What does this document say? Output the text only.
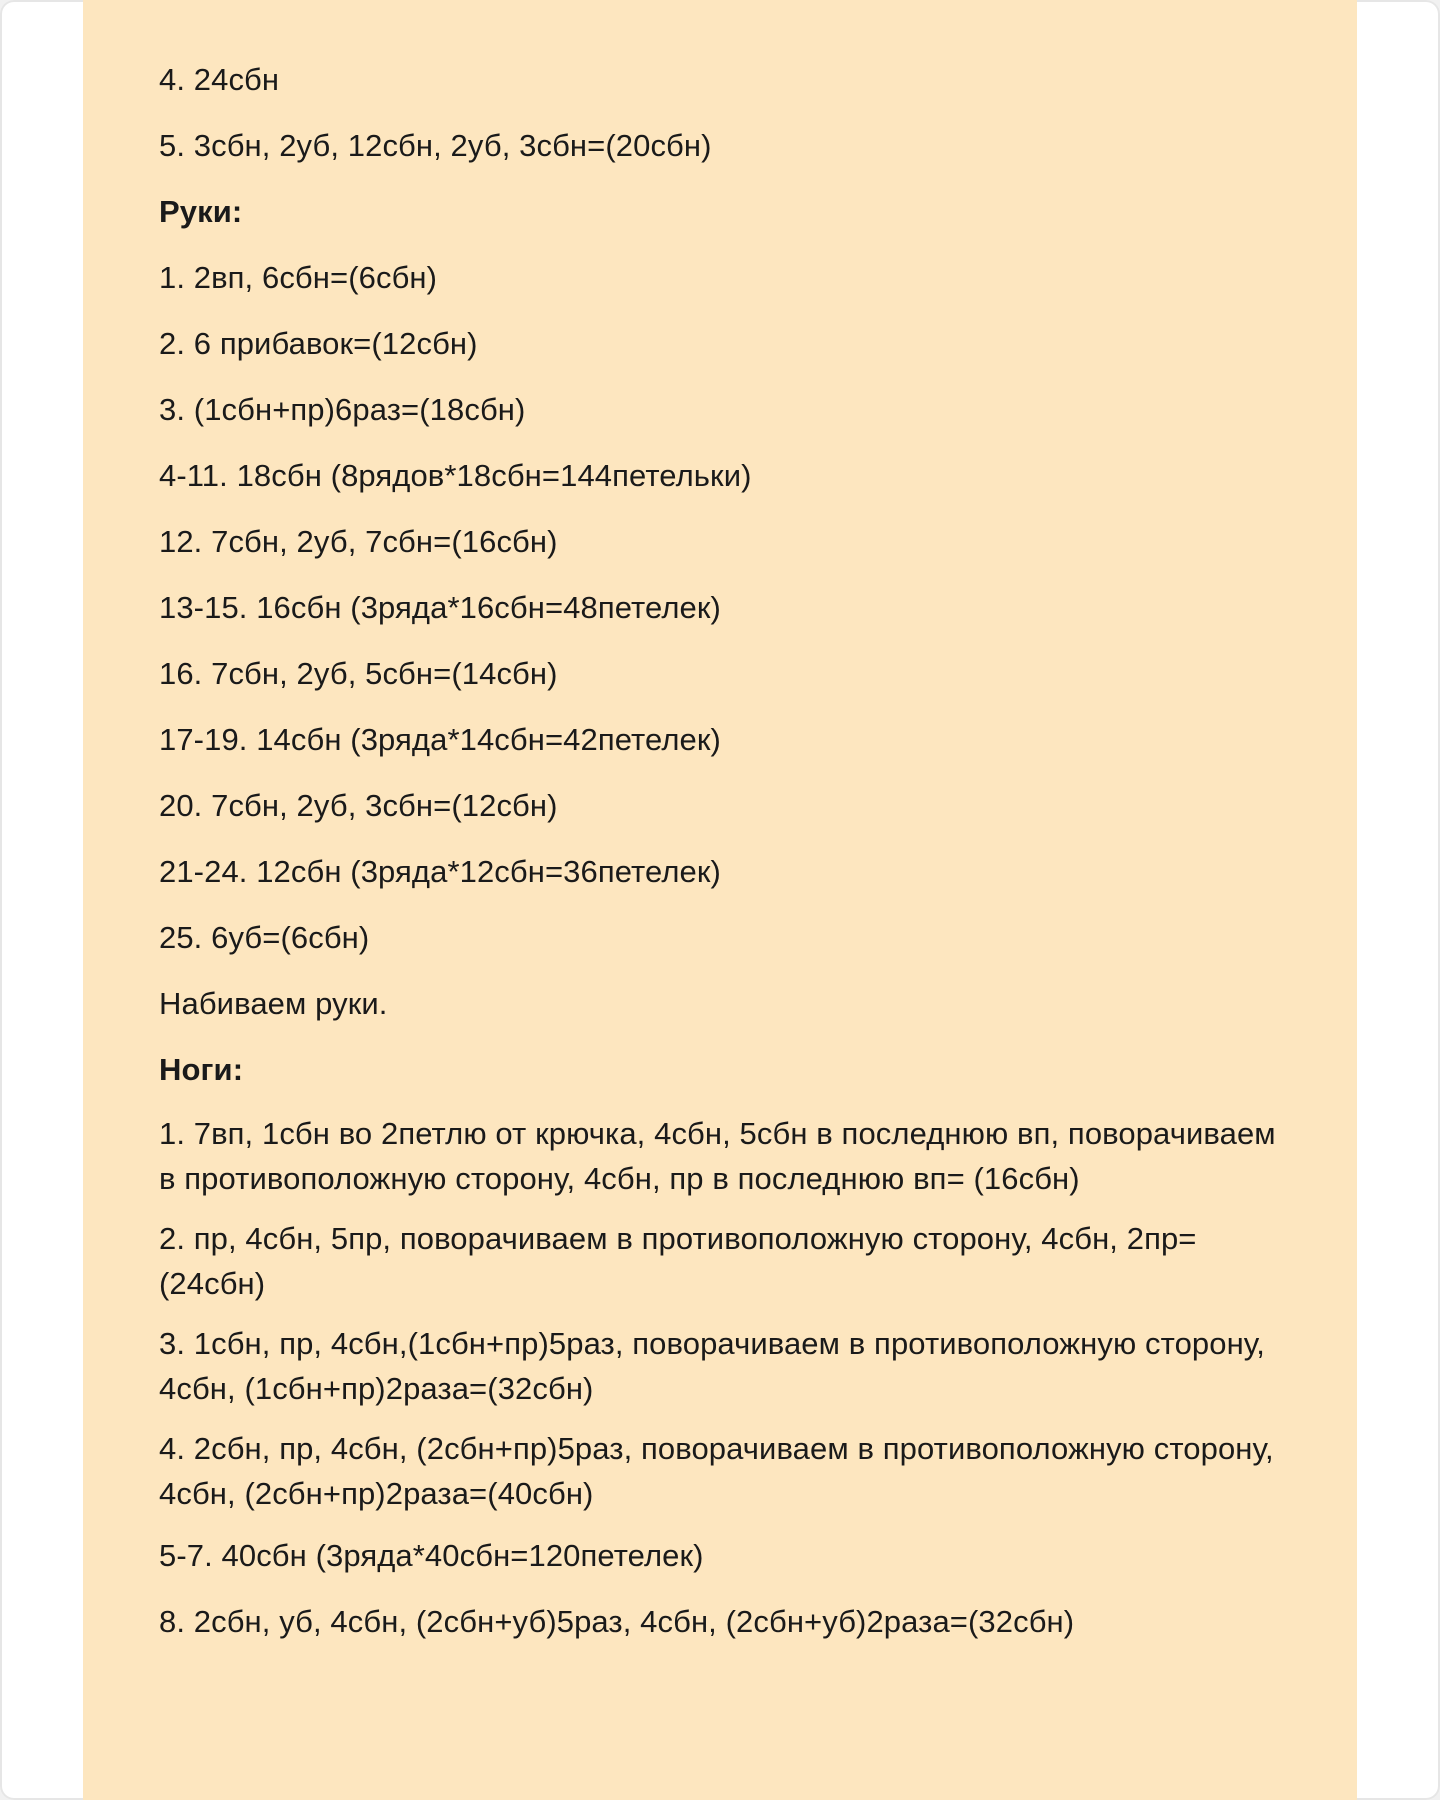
4. 24сбн
5. 3сбн, 2уб, 12сбн, 2уб, 3сбн=(20сбн)
Руки:
1. 2вп, 6сбн=(6сбн)
2. 6 прибавок=(12сбн)
3. (1сбн+пр)6раз=(18сбн)
4-11. 18сбн (8рядов*18сбн=144петельки)
12. 7сбн, 2уб, 7сбн=(16сбн)
13-15. 16сбн (3ряда*16сбн=48петелек)
16. 7сбн, 2уб, 5сбн=(14сбн)
17-19. 14сбн (3ряда*14сбн=42петелек)
20. 7сбн, 2уб, 3сбн=(12сбн)
21-24. 12сбн (3ряда*12сбн=36петелек)
25. 6уб=(6сбн)
Набиваем руки.
Ноги:
1. 7вп, 1сбн во 2петлю от крючка, 4сбн, 5сбн в последнюю вп, поворачиваем в противоположную сторону, 4сбн, пр в последнюю вп= (16сбн)
2. пр, 4сбн, 5пр, поворачиваем в противоположную сторону, 4сбн, 2пр=(24сбн)
3. 1сбн, пр, 4сбн,(1сбн+пр)5раз, поворачиваем в противоположную сторону, 4сбн, (1сбн+пр)2раза=(32сбн)
4. 2сбн, пр, 4сбн, (2сбн+пр)5раз, поворачиваем в противоположную сторону, 4сбн, (2сбн+пр)2раза=(40сбн)
5-7. 40сбн (3ряда*40сбн=120петелек)
8. 2сбн, уб, 4сбн, (2сбн+уб)5раз, 4сбн, (2сбн+уб)2раза=(32сбн)
